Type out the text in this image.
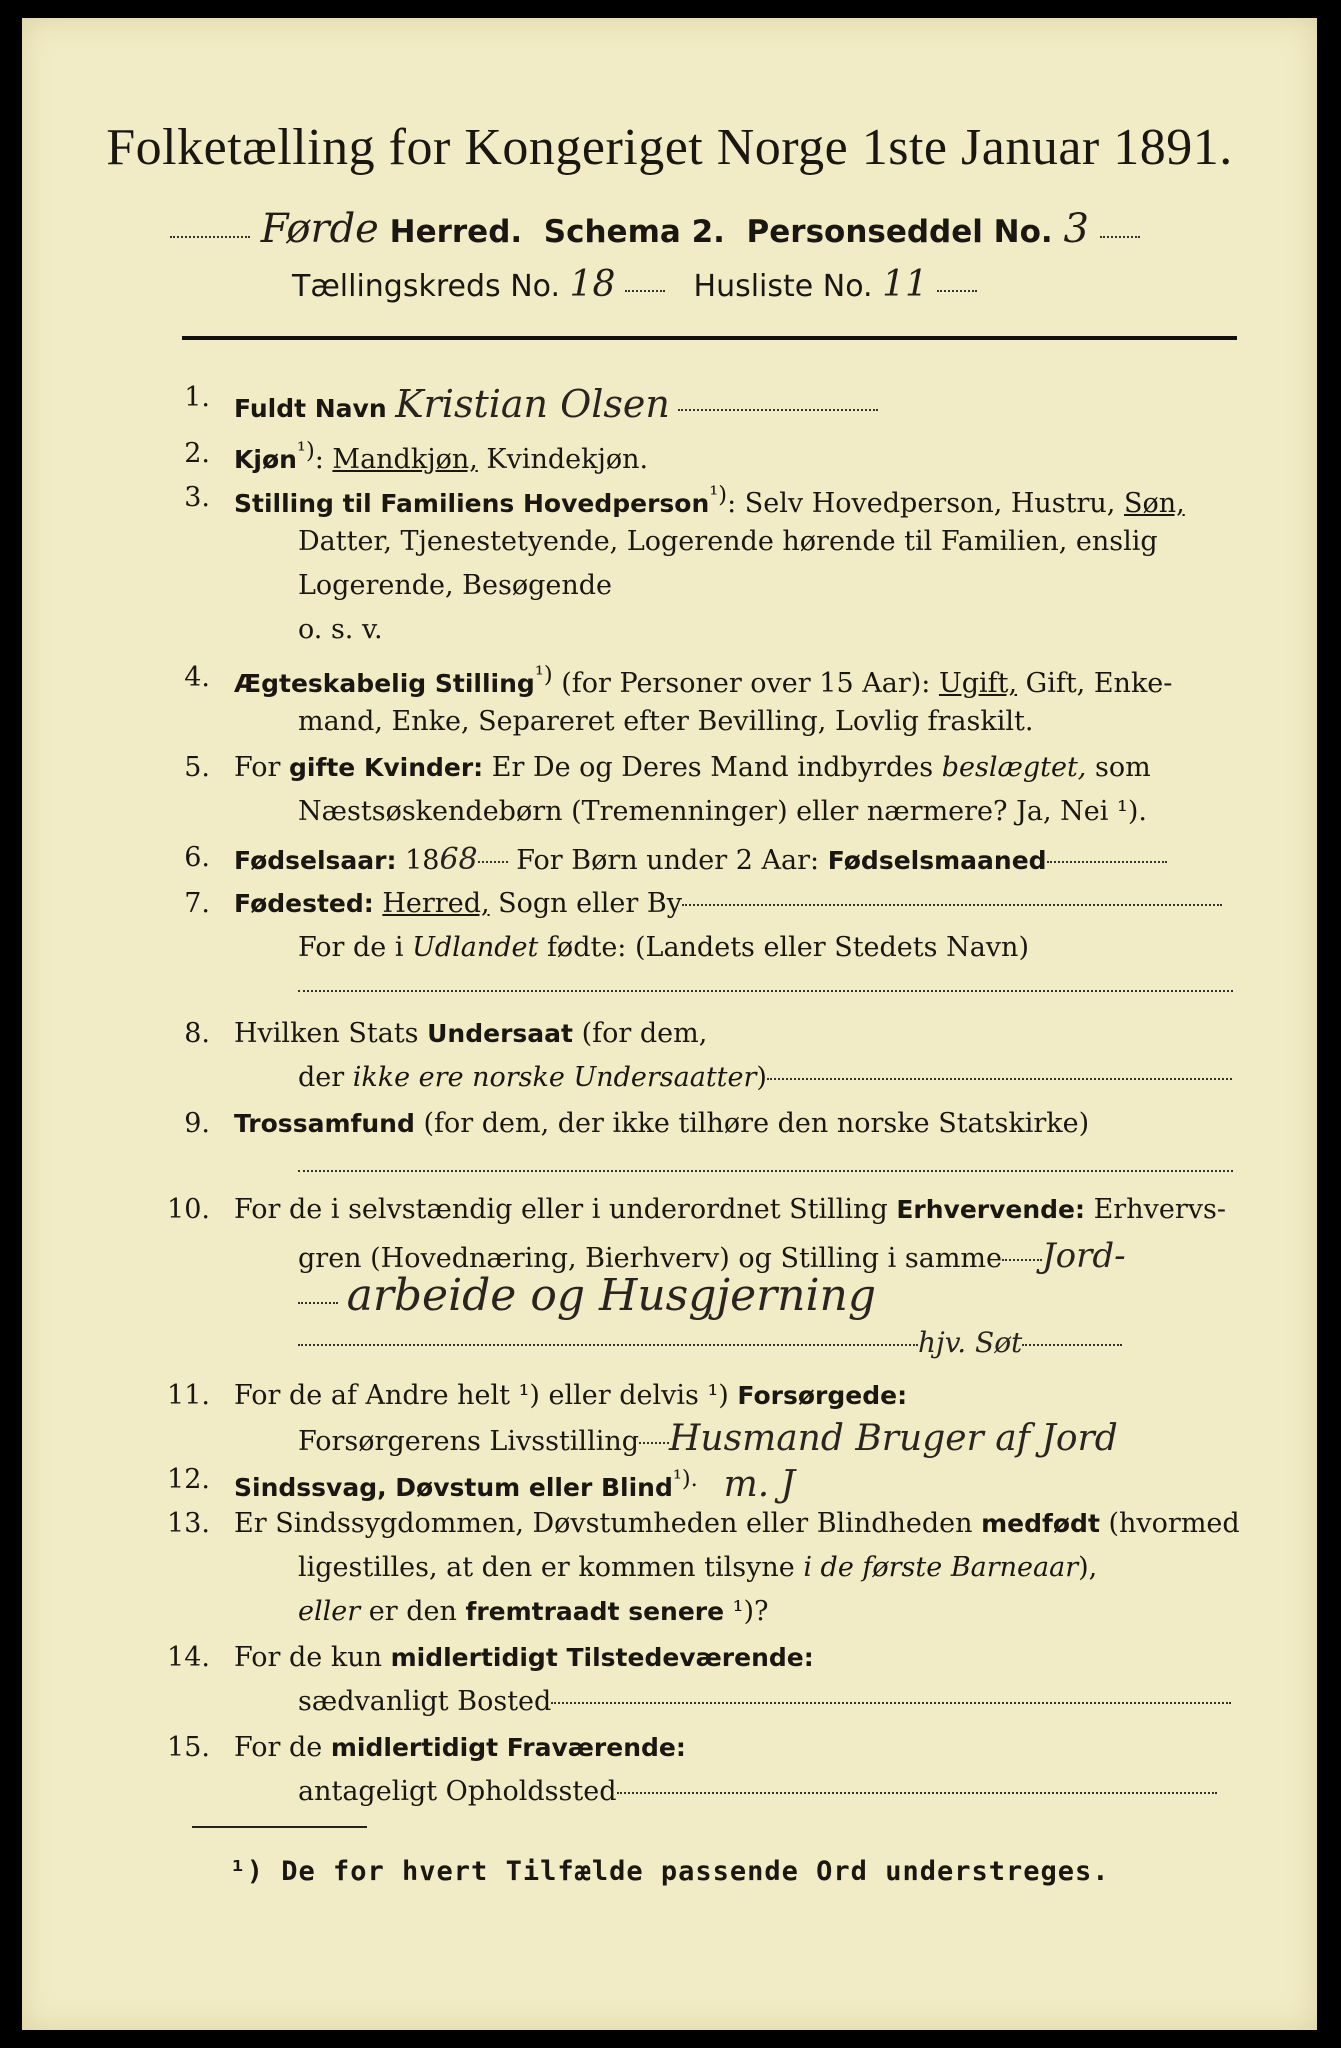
Folketælling for Kongeriget Norge 1ste Januar 1891.
Førde Herred. Schema 2. Personseddel No. 3
Tællingskreds No. 18	Husliste No. 11
1. Fuldt Navn Kristian Olsen
2. Kjøn$^{^1)}$: Mandkjøn, Kvindekjøn.
3. Stilling til Familiens Hovedperson$^{^1)}$: Selv Hovedperson, Hustru, Søn,
Datter, Tjenestetyende, Logerende hørende til Familien, enslig
Logerende, Besøgende
o. s. v.
4. Ægteskabelig Stilling$^{^1)}$ (for Personer over 15 Aar): Ugift, Gift, Enke-
mand, Enke, Separeret efter Bevilling, Lovlig fraskilt.
5. For gifte Kvinder: Er De og Deres Mand indbyrdes beslægtet, som
Næstsøskendebørn (Tremenninger) eller nærmere? Ja, Nei ¹).
6. Fødselsaar: 1868 For Børn under 2 Aar: Fødselsmaaned
7. Fødested: Herred, Sogn eller By
For de i Udlandet fødte: (Landets eller Stedets Navn)
8. Hvilken Stats Undersaat (for dem,
der ikke ere norske Undersaatter)
9. Trossamfund (for dem, der ikke tilhøre den norske Statskirke)
10. For de i selvstændig eller i underordnet Stilling Erhvervende: Erhvervs-
gren (Hovednæring, Bierhverv) og Stilling i samme Jord-
arbeide og Husgjerning
hjv. Søt
11. For de af Andre helt ¹) eller delvis ¹) Forsørgede:
Forsørgerens Livsstilling Husmand Bruger af Jord
12. Sindssvag, Døvstum eller Blind$^{^1).}$ m. J
13. Er Sindssygdommen, Døvstumheden eller Blindheden medfødt (hvormed
ligestilles, at den er kommen tilsyne i de første Barneaar),
eller er den fremtraadt senere ¹)?
14. For de kun midlertidigt Tilstedeværende:
sædvanligt Bosted
15. For de midlertidigt Fraværende:
antageligt Opholdssted
¹) De for hvert Tilfælde passende Ord understreges.
